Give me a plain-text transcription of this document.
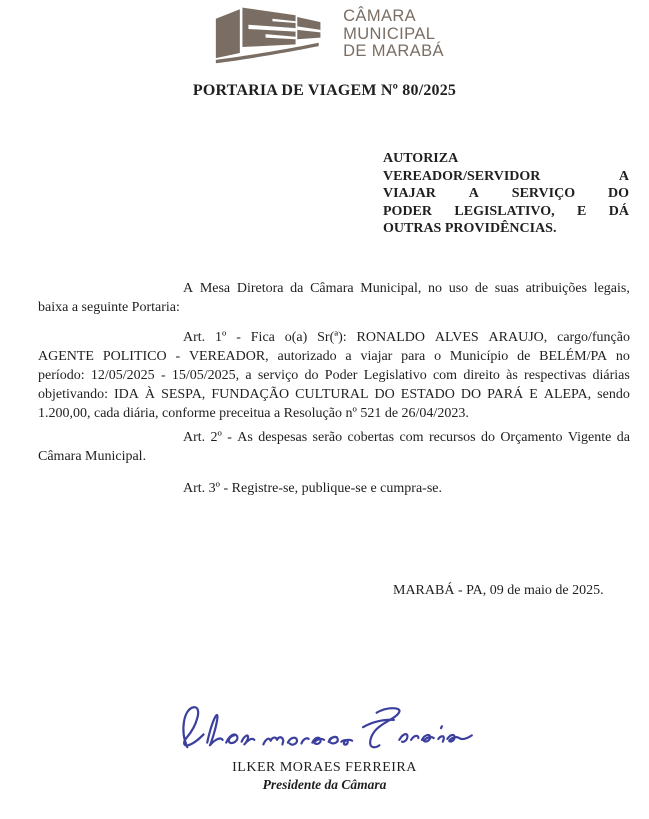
CÂMARA
MUNICIPAL
DE MARABÁ
PORTARIA DE VIAGEM Nº 80/2025
AUTORIZA
VEREADOR/SERVIDOR	A
VIAJAR A SERVIÇO DO
PODER LEGISLATIVO, E DÁ
OUTRAS PROVIDÊNCIAS.
A Mesa Diretora da Câmara Municipal, no uso de suas atribuições legais,
baixa a seguinte Portaria:
Art. 1º - Fica o(a) Sr(ª): RONALDO ALVES ARAUJO, cargo/função
AGENTE POLITICO - VEREADOR, autorizado a viajar para o Município de BELÉM/PA no
período: 12/05/2025 - 15/05/2025, a serviço do Poder Legislativo com direito às respectivas diárias
objetivando: IDA À SESPA, FUNDAÇÃO CULTURAL DO ESTADO DO PARÁ E ALEPA, sendo
1.200,00, cada diária, conforme preceitua a Resolução nº 521 de 26/04/2023.
Art. 2º - As despesas serão cobertas com recursos do Orçamento Vigente da
Câmara Municipal.
Art. 3º - Registre-se, publique-se e cumpra-se.
MARABÁ - PA, 09 de maio de 2025.
ILKER MORAES FERREIRA
Presidente da Câmara
